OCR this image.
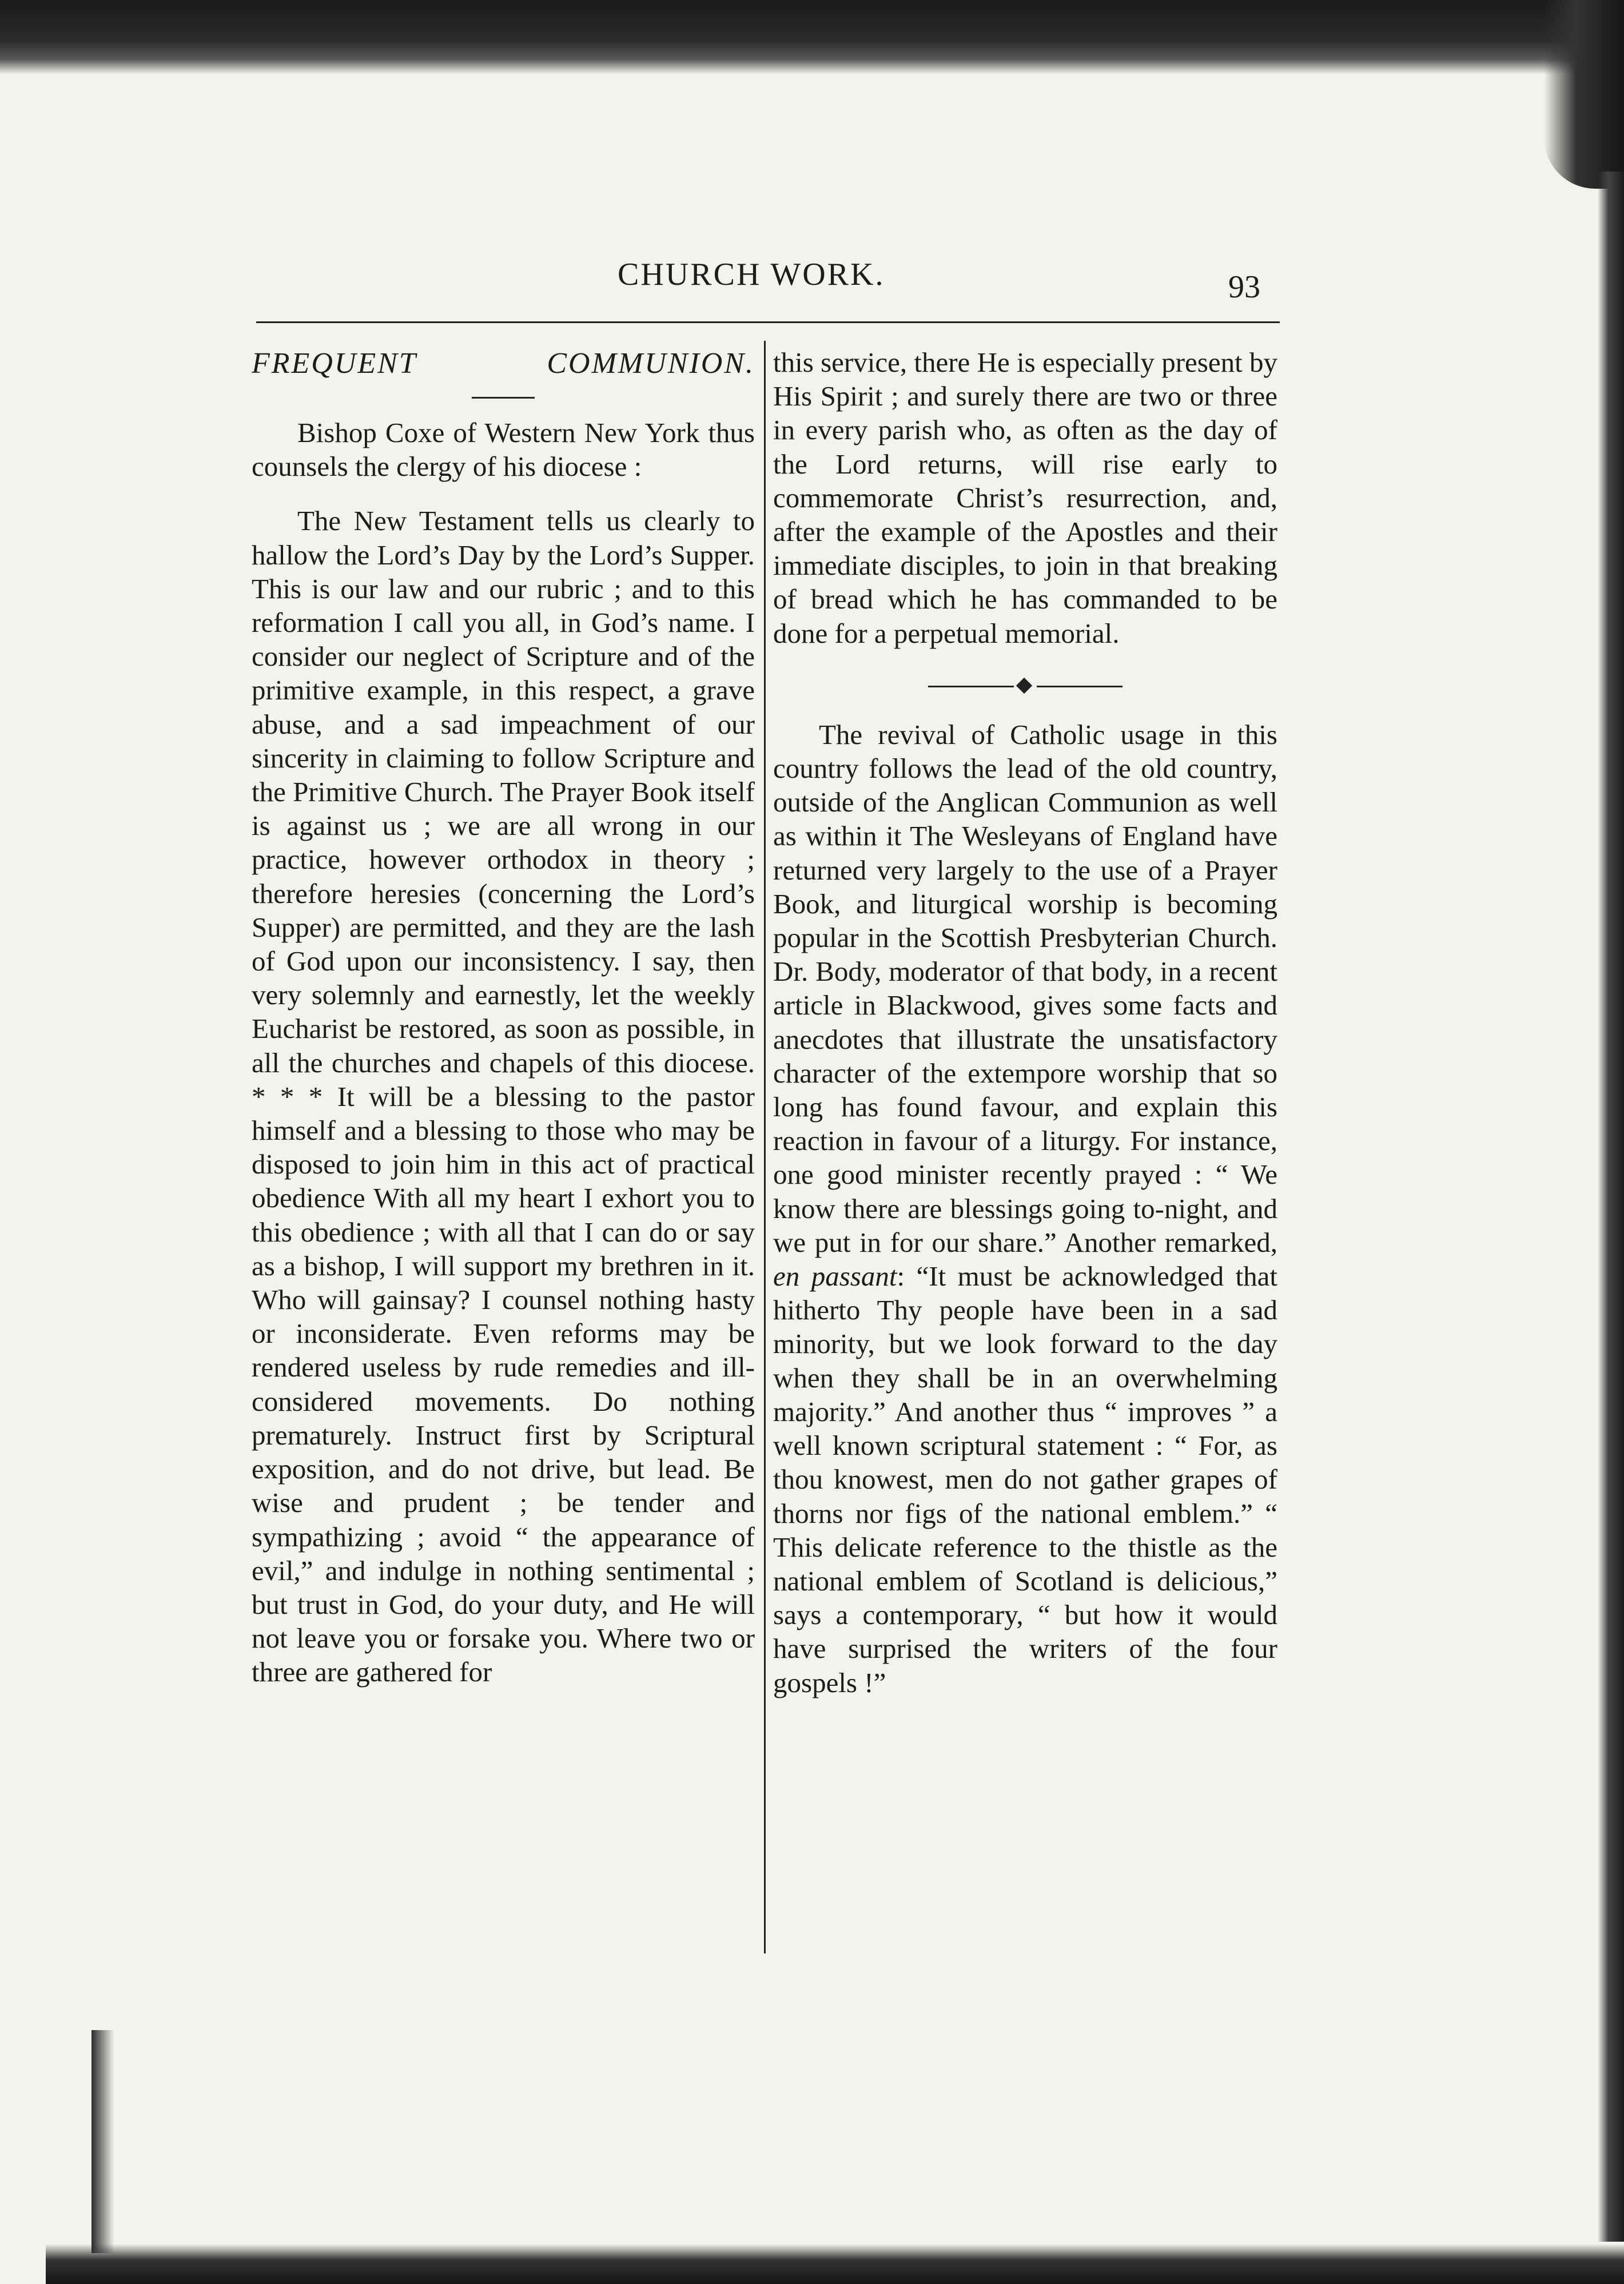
CHURCH WORK.	93

FREQUENT COMMUNION.

Bishop Coxe of Western New York thus counsels the clergy of his diocese :

The New Testament tells us clearly to hallow the Lord’s Day by the Lord’s Supper. This is our law and our rubric ; and to this reformation I call you all, in God’s name. I consider our neglect of Scripture and of the primitive example, in this respect, a grave abuse, and a sad impeachment of our sincerity in claiming to follow Scripture and the Primitive Church. The Prayer Book itself is against us ; we are all wrong in our practice, however orthodox in theory ; therefore heresies (concerning the Lord’s Supper) are permitted, and they are the lash of God upon our inconsistency. I say, then very solemnly and earnestly, let the weekly Eucharist be restored, as soon as possible, in all the churches and chapels of this diocese. * * * It will be a blessing to the pastor himself and a blessing to those who may be disposed to join him in this act of practical obedience With all my heart I exhort you to this obedience ; with all that I can do or say as a bishop, I will support my brethren in it. Who will gainsay? I counsel nothing hasty or inconsiderate. Even reforms may be rendered useless by rude remedies and ill-considered movements. Do nothing prematurely. Instruct first by Scriptural exposition, and do not drive, but lead. Be wise and prudent ; be tender and sympathizing ; avoid “ the appearance of evil,” and indulge in nothing sentimental ; but trust in God, do your duty, and He will not leave you or forsake you. Where two or three are gathered for

this service, there He is especially present by His Spirit ; and surely there are two or three in every parish who, as often as the day of the Lord returns, will rise early to commemorate Christ’s resurrection, and, after the example of the Apostles and their immediate disciples, to join in that breaking of bread which he has commanded to be done for a perpetual memorial.

The revival of Catholic usage in this country follows the lead of the old country, outside of the Anglican Communion as well as within it The Wesleyans of England have returned very largely to the use of a Prayer Book, and liturgical worship is becoming popular in the Scottish Presbyterian Church. Dr. Body, moderator of that body, in a recent article in Blackwood, gives some facts and anecdotes that illustrate the unsatisfactory character of the extempore worship that so long has found favour, and explain this reaction in favour of a liturgy. For instance, one good minister recently prayed : “ We know there are blessings going to-night, and we put in for our share.” Another remarked, en passant: “It must be acknowledged that hitherto Thy people have been in a sad minority, but we look forward to the day when they shall be in an overwhelming majority.” And another thus “ improves ” a well known scriptural statement : “ For, as thou knowest, men do not gather grapes of thorns nor figs of the national emblem.” “ This delicate reference to the thistle as the national emblem of Scotland is delicious,” says a contemporary, “ but how it would have surprised the writers of the four gospels !”
